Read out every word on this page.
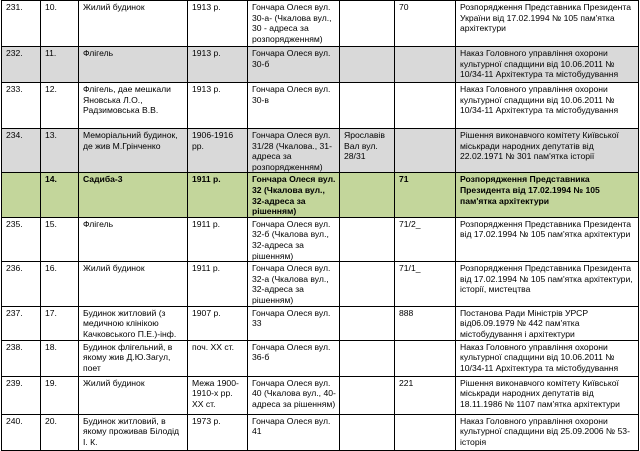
231.	10.	Жилий будинок	1913 р.	Гончара Олеся вул. 30-а- (Чкалова вул., 30 - адреса за розпорядженням)		70	Розпорядження Представника Президента України від 17.02.1994 № 105 пам'ятка архітектури
232.	11.	Флігель	1913 р.	Гончара Олеся вул. 30-б			Наказ Головного управління охорони культурної спадщини від 10.06.2011 № 10/34-11 Архітектура та містобудування
233.	12.	Флігель, дае мешкали Яновська Л.О., Радзимовська В.В.	1913 р.	Гончара Олеся вул. 30-в			Наказ Головного управління охорони культурної спадщини від 10.06.2011 № 10/34-11 Архітектура та містобудування
234.	13.	Меморіальний будинок, де жив М.Грінченко	1906-1916 рр.	Гончара Олеся вул. 31/28 (Чкалова., 31-адреса за розпорядженням)	Ярославів Вал вул. 28/31		Рішення виконавчого комітету Київської міськради народних депутатів від 22.02.1971 № 301 пам'ятка історії
	14.	Садиба-3	1911 р.	Гончара Олеся вул. 32 (Чкалова вул., 32-адреса за рішенням)		71	Розпорядження Представника Президента від 17.02.1994 № 105 пам'ятка архітектури
235.	15.	Флігель	1911 р.	Гончара Олеся вул. 32-б (Чкалова вул., 32-адреса за рішенням)		71/2_	Розпорядження Представника Президента від 17.02.1994 № 105 пам'ятка архітектури
236.	16.	Жилий будинок	1911 р.	Гончара Олеся вул. 32-а (Чкалова вул., 32-адреса за рішенням)		71/1_	Розпорядження Представника Президента від 17.02.1994 № 105 пам'ятка архітектури, історії, мистецтва
237.	17.	Будинок житловий (з медичною клінікою Качковського П.Е.)-інф.	1907 р.	Гончара Олеся вул. 33		888	Постанова Ради Міністрів УРСР від06.09.1979 № 442 пам'ятка містобудування і архітектури
238.	18.	Будинок флігельний, в якому жив Д.Ю.Загул, поет	поч. ХХ ст.	Гончара Олеся вул. 36-б			Наказ Головного управління охорони культурної спадщини від 10.06.2011 № 10/34-11 Архітектура та містобудування
239.	19.	Жилий будинок	Межа 1900-1910-х рр. ХХ ст.	Гончара Олеся вул. 40 (Чкалова вул., 40-адреса за рішенням)		221	Рішення виконавчого комітету Київської міськради народних депутатів від 18.11.1986 № 1107 пам'ятка архітектури
240.	20.	Будинок житловий, в якому проживав Білодід І. К.	1973 р.	Гончара Олеся вул. 41			Наказ Головного управління охорони культурної спадщини від 25.09.2006 № 53- історія
